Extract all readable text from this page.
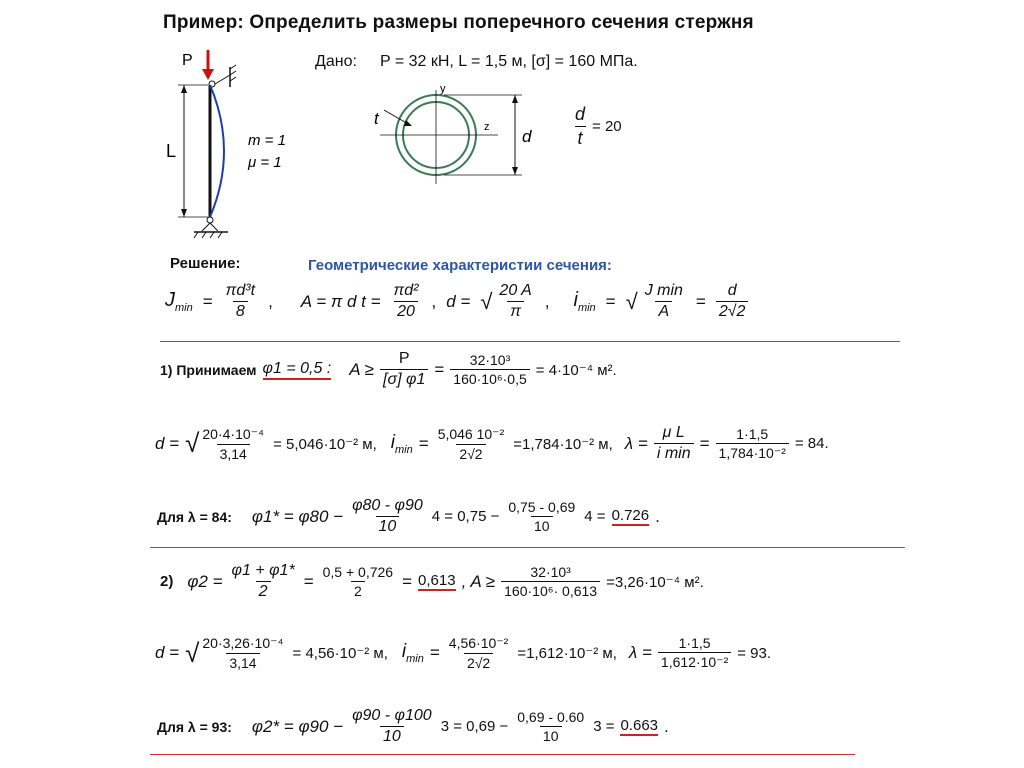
Пример: Определить размеры поперечного сечения стержня
P
L
m = 1
μ = 1
Дано: P = 32 кН, L = 1,5 м, [σ] = 160 МПа.
y
z
t
d $\frac{d}{t} = 20$
Решение:	Геометрические характеристии сечения:
$J_{min} = \frac{\text{πd³t}}{8}$ , A = π d $t = \frac{\text{πd²}}{20}$ , d = √ $\frac{20 A}{\pi}$ , $i_{min}$ = √ $\frac{\text{J min}}{A} = \frac{d}{2√2}$
1) Принимаем φ1 = 0,5 : $A \ge \frac{P}{[\sigma] \varphi 1} = \frac{\text{32·10³}}{\text{160·10⁶·0,5}} = 4\cdot 10^{-4}$ м².
d = √ $\frac{\text{20·4·10⁻⁴}}{3,14} = 5,046\cdot 10^{-2}$ м, $i_{min} = \frac{\text{5,046 10⁻²}}{2√2} =1,784\cdot 10^{-2}$ м, $\lambda = \frac{\text{μ L}}{\text{i min}} = \frac{1\cdot 1,5}{\text{1,784·10⁻²}} = 84$.
Для λ = 84: $\varphi 1* = \varphi 80 - \frac{\varphi 80 - \varphi 90}{10} 4 = 0,75 - \frac{0,75 - 0,69}{10} 4 = 0.726$ .
2) $\varphi 2 = \frac{\varphi 1 + \varphi 1*}{2} = \frac{0,5 + 0,726}{2} = 0,613$ , $A \ge \frac{\text{32·10³}}{\text{160·10⁶· 0,613}} =3,26\cdot 10^{-4}$ м².
d = √ $\frac{\text{20·3,26·10⁻⁴}}{3,14} = 4,56\cdot 10^{-2}$ м, $i_{min} = \frac{\text{4,56·10⁻²}}{2√2} =1,612\cdot 10^{-2}$ м, $\lambda = \frac{1\cdot 1,5}{\text{1,612·10⁻²}} = 93$.
Для λ = 93: $\varphi 2* = \varphi 90 - \frac{\varphi 90 - \varphi 100}{10} 3 = 0,69 - \frac{0,69 - 0.60}{10} 3 = 0.663$ .
